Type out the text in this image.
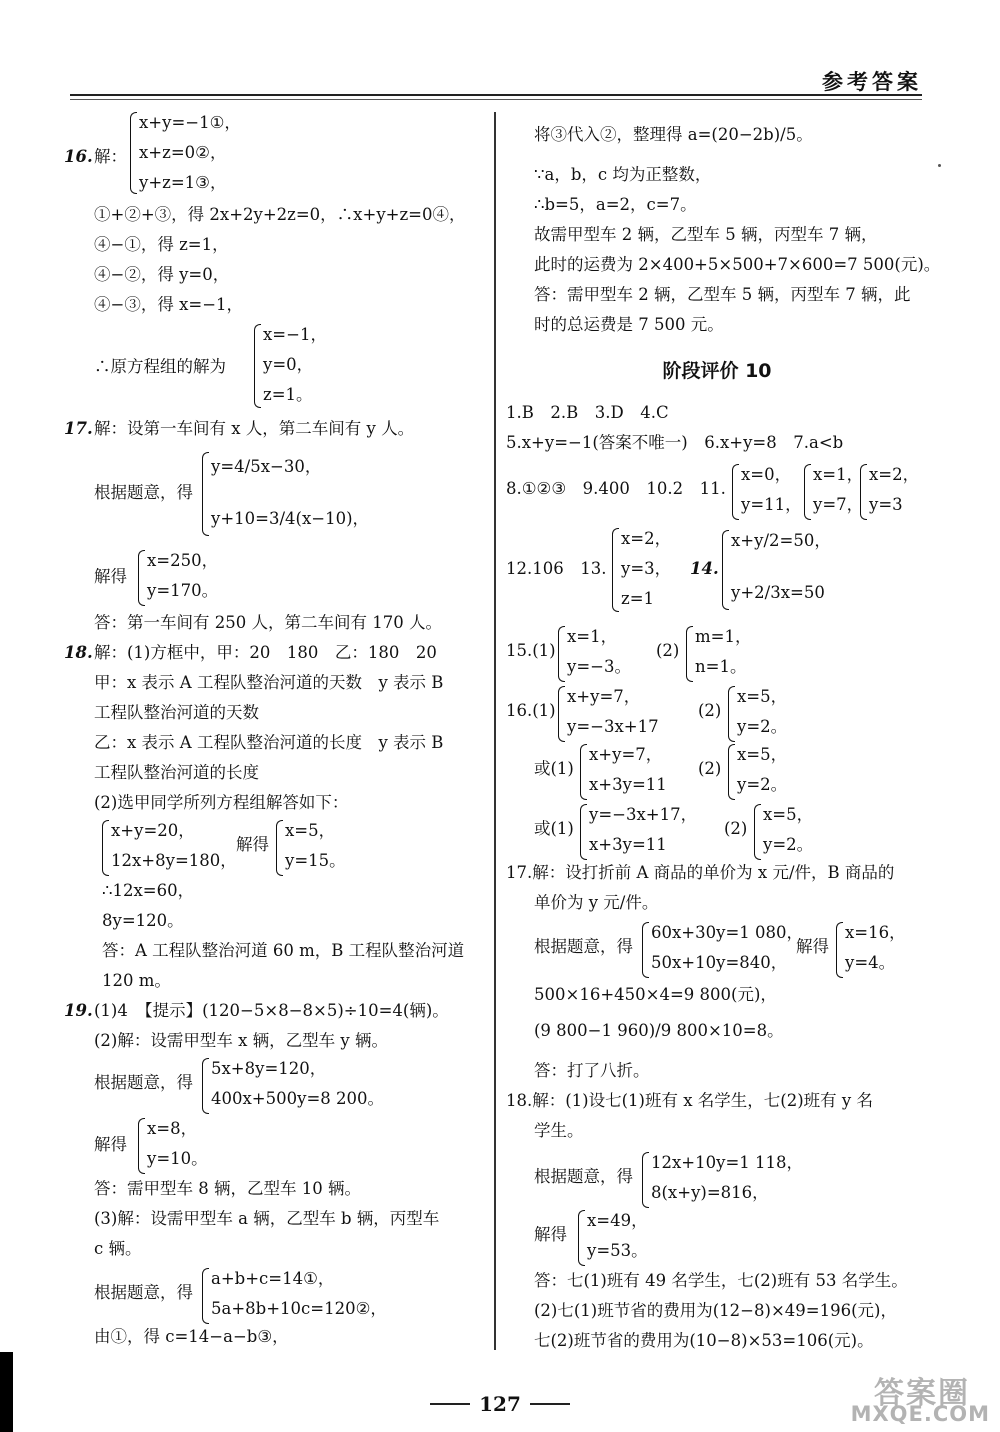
参考答案
16. 解：
x+y=−1①，
x+z=0②，
y+z=1③，
①+②+③，得 2x+2y+2z=0，∴x+y+z=0④，
④−①，得 z=1，
④−②，得 y=0，
④−③，得 x=−1，
∴原方程组的解为
x=−1，
y=0，
z=1。
17. 解：设第一车间有 x 人，第二车间有 y 人。
根据题意，得
y=4/5x−30，
y+10=3/4(x−10)，
解得
x=250，
y=170。
答：第一车间有 250 人，第二车间有 170 人。
18. 解：(1)方框中，甲：20　180　乙：180　20
甲：x 表示 A 工程队整治河道的天数　y 表示 B
工程队整治河道的天数
乙：x 表示 A 工程队整治河道的长度　y 表示 B
工程队整治河道的长度
(2)选甲同学所列方程组解答如下：
x+y=20，
12x+8y=180，
解得
x=5，
y=15。
∴12x=60，
8y=120。
答：A 工程队整治河道 60 m，B 工程队整治河道
120 m。
19. (1)4　【提示】(120−5×8−8×5)÷10=4(辆)。
(2)解：设需甲型车 x 辆，乙型车 y 辆。
根据题意，得
5x+8y=120，
400x+500y=8 200。
解得
x=8，
y=10。
答：需甲型车 8 辆，乙型车 10 辆。
(3)解：设需甲型车 a 辆，乙型车 b 辆，丙型车
c 辆。
根据题意，得
a+b+c=14①，
5a+8b+10c=120②，
由①，得 c=14−a−b③，
将③代入②，整理得 a=(20−2b)/5。
∵a，b，c 均为正整数，
∴b=5，a=2，c=7。
故需甲型车 2 辆，乙型车 5 辆，丙型车 7 辆，
此时的运费为 2×400+5×500+7×600=7 500(元)。
答：需甲型车 2 辆，乙型车 5 辆，丙型车 7 辆，此
时的总运费是 7 500 元。
阶段评价 10
1.B　2.B　3.D　4.C
5.x+y=−1(答案不唯一)　6.x+y=8　7.a<b
8.①②③　9.400　10.2　11.
x=0，
y=11，
x=1，
y=7，
x=2，
y=3
12.106　13.
x=2，
y=3，
z=1
14.
x+y/2=50，
y+2/3x=50
15.(1)
x=1，
y=−3。
(2)
m=1，
n=1。
16.(1)
x+y=7，
y=−3x+17
(2)
x=5，
y=2。
或(1)
x+y=7，
x+3y=11
(2)
x=5，
y=2。
或(1)
y=−3x+17，
x+3y=11
(2)
x=5，
y=2。
17.解：设打折前 A 商品的单价为 x 元/件，B 商品的
单价为 y 元/件。
根据题意，得
60x+30y=1 080，
50x+10y=840，
解得
x=16，
y=4。
500×16+450×4=9 800(元)，
(9 800−1 960)/9 800×10=8。
答：打了八折。
18.解：(1)设七(1)班有 x 名学生，七(2)班有 y 名
学生。
根据题意，得
12x+10y=1 118，
8(x+y)=816，
解得
x=49，
y=53。
答：七(1)班有 49 名学生，七(2)班有 53 名学生。
(2)七(1)班节省的费用为(12−8)×49=196(元)，
七(2)班节省的费用为(10−8)×53=106(元)。
127	答案圈
MXQE.COM
